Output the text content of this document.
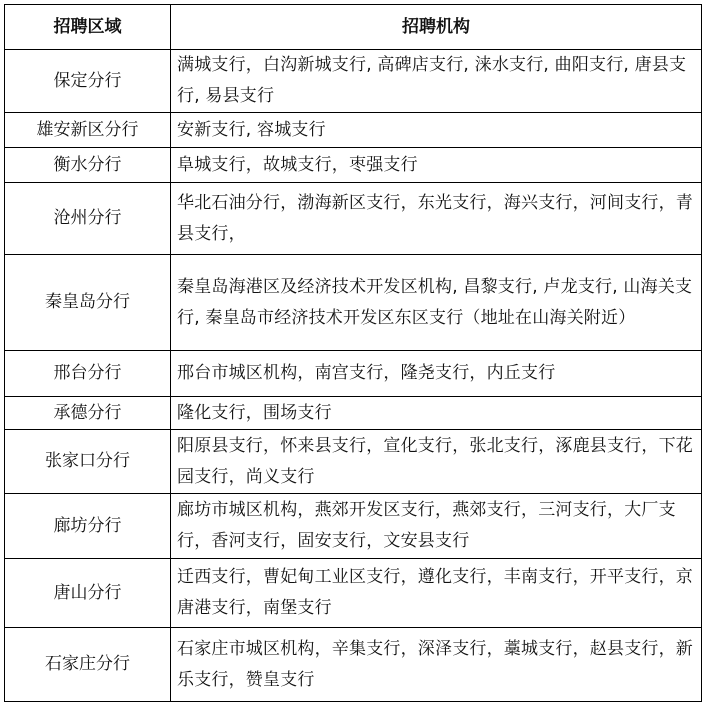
招聘区域	招聘机构
保定分行	满城支行，白沟新城支行, 高碑店支行, 涞水支行, 曲阳支行, 唐县支行, 易县支行
雄安新区分行	安新支行, 容城支行
衡水分行	阜城支行，故城支行，枣强支行
沧州分行	华北石油分行，渤海新区支行，东光支行，海兴支行，河间支行，青县支行，
秦皇岛分行	秦皇岛海港区及经济技术开发区机构, 昌黎支行, 卢龙支行, 山海关支行, 秦皇岛市经济技术开发区东区支行（地址在山海关附近）
邢台分行	邢台市城区机构，南宫支行，隆尧支行，内丘支行
承德分行	隆化支行，围场支行
张家口分行	阳原县支行，怀来县支行，宣化支行，张北支行，涿鹿县支行，下花园支行，尚义支行
廊坊分行	廊坊市城区机构，燕郊开发区支行，燕郊支行，三河支行，大厂支行，香河支行，固安支行，文安县支行
唐山分行	迁西支行，曹妃甸工业区支行，遵化支行，丰南支行，开平支行，京唐港支行，南堡支行
石家庄分行	石家庄市城区机构，辛集支行，深泽支行，藁城支行，赵县支行，新乐支行，赞皇支行
